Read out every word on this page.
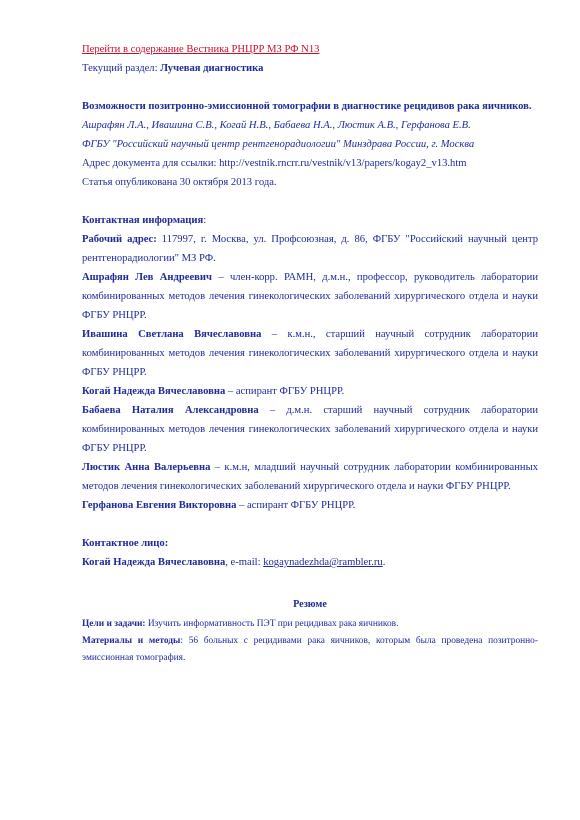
Перейти в содержание Вестника РНЦРР МЗ РФ N13
Текущий раздел: Лучевая диагностика
Возможности позитронно-эмиссионной томографии в диагностике рецидивов рака яичников.
Ашрафян Л.А., Ивашина С.В., Когай Н.В., Бабаева Н.А., Люстик А.В., Герфанова Е.В.
ФГБУ "Российский научный центр рентгенорадиологии" Минздрава России, г. Москва
Адрес документа для ссылки: http://vestnik.rncrr.ru/vestnik/v13/papers/kogay2_v13.htm
Статья опубликована 30 октября 2013 года.
Контактная информация:
Рабочий адрес: 117997, г. Москва, ул. Профсоюзная, д. 86, ФГБУ "Российский научный центр рентгенорадиологии" МЗ РФ.
Ашрафян Лев Андреевич – член-корр. РАМН, д.м.н., профессор, руководитель лаборатории комбинированных методов лечения гинекологических заболеваний хирургического отдела и науки ФГБУ РНЦРР.
Ивашина Светлана Вячеславовна – к.м.н., старший научный сотрудник лаборатории комбинированных методов лечения гинекологических заболеваний хирургического отдела и науки ФГБУ РНЦРР.
Когай Надежда Вячеславовна – аспирант ФГБУ РНЦРР.
Бабаева Наталия Александровна – д.м.н. старший научный сотрудник лаборатории комбинированных методов лечения гинекологических заболеваний хирургического отдела и науки ФГБУ РНЦРР.
Люстик Анна Валерьевна – к.м.н, младший научный сотрудник лаборатории комбинированных методов лечения гинекологических заболеваний хирургического отдела и науки ФГБУ РНЦРР.
Герфанова Евгения Викторовна – аспирант ФГБУ РНЦРР.
Контактное лицо:
Когай Надежда Вячеславовна, e-mail: kogaynadezhda@rambler.ru.
Резюме
Цели и задачи: Изучить информативность ПЭТ при рецидивах рака яичников.
Материалы и методы: 56 больных с рецидивами рака яичников, которым была проведена позитронно-эмиссионная томография.
